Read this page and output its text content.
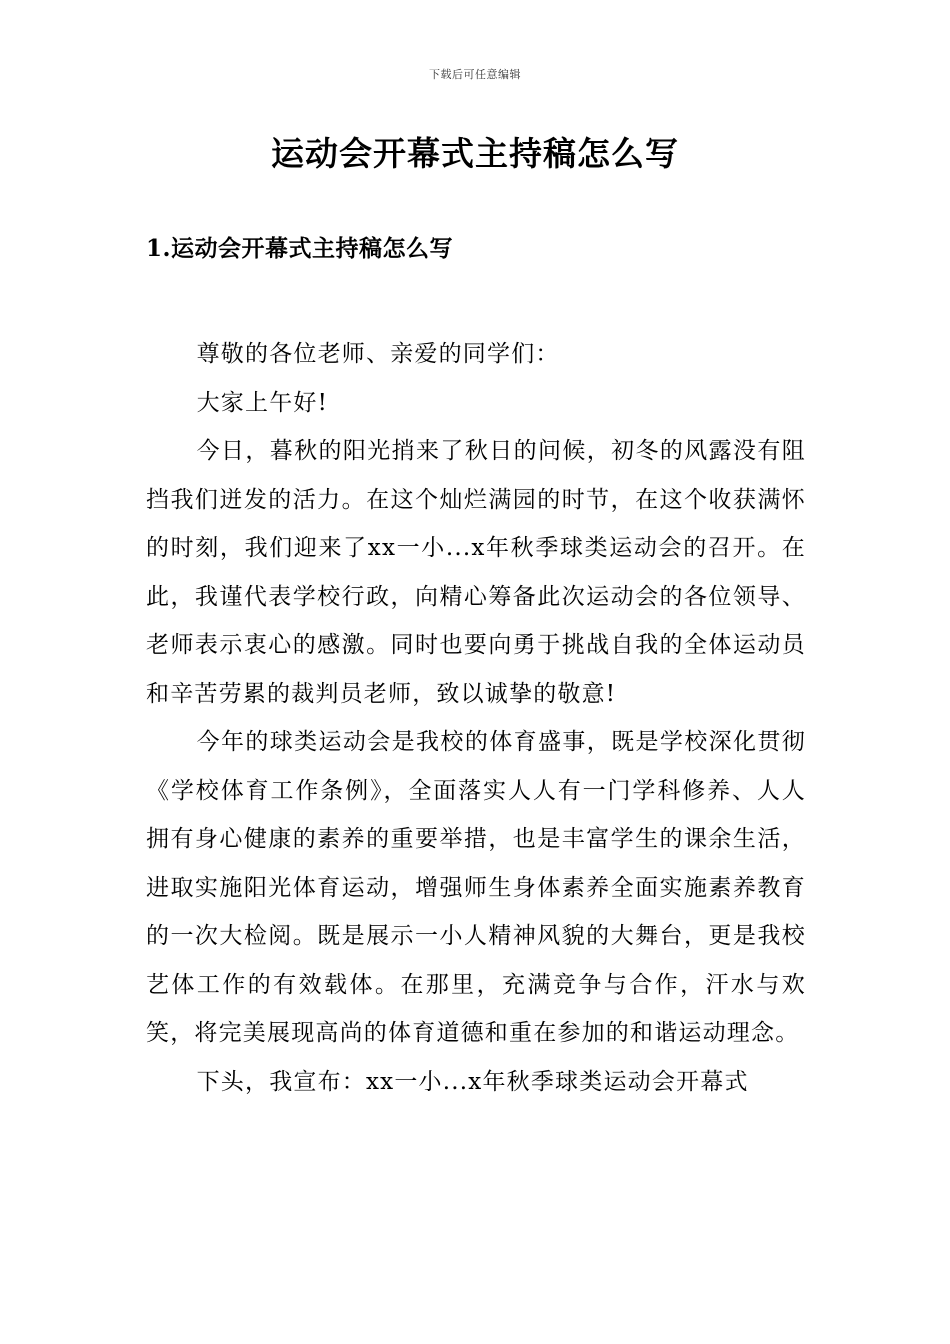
下载后可任意编辑
运动会开幕式主持稿怎么写
1.运动会开幕式主持稿怎么写

尊敬的各位老师、亲爱的同学们：

大家上午好!

今日，暮秋的阳光捎来了秋日的问候，初冬的风露没有阻挡我们迸发的活力。在这个灿烂满园的时节，在这个收获满怀的时刻，我们迎来了xx一小...x年秋季球类运动会的召开。在此，我谨代表学校行政，向精心筹备此次运动会的各位领导、老师表示衷心的感激。同时也要向勇于挑战自我的全体运动员和辛苦劳累的裁判员老师，致以诚挚的敬意!

今年的球类运动会是我校的体育盛事，既是学校深化贯彻《学校体育工作条例》，全面落实人人有一门学科修养、人人拥有身心健康的素养的重要举措，也是丰富学生的课余生活，进取实施阳光体育运动，增强师生身体素养全面实施素养教育的一次大检阅。既是展示一小人精神风貌的大舞台，更是我校艺体工作的有效载体。在那里，充满竞争与合作，汗水与欢笑，将完美展现高尚的体育道德和重在参加的和谐运动理念。

下头，我宣布：xx一小...x年秋季球类运动会开幕式
